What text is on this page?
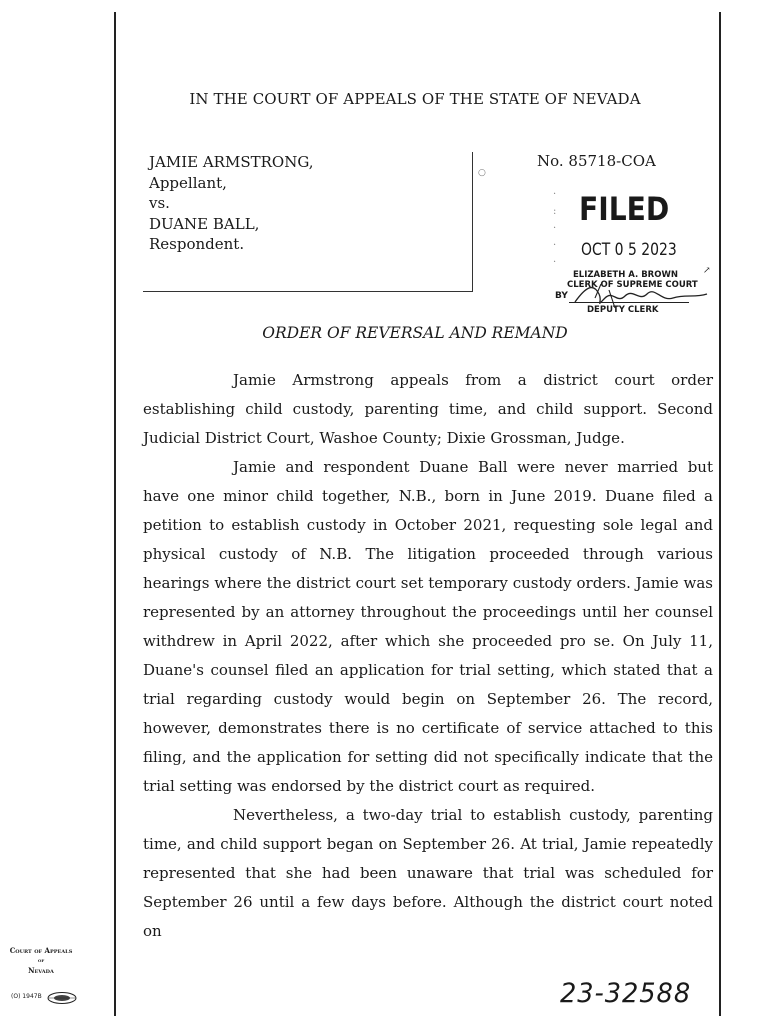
IN THE COURT OF APPEALS OF THE STATE OF NEVADA
JAMIE ARMSTRONG,
Appellant,
vs.
DUANE BALL,
Respondent.
○
No. 85718-COA
·
:
·
·
·
FILED
OCT 0 5 2023
ELIZABETH A. BROWN
CLERK OF SUPREME COURT
BY
DEPUTY CLERK
↗
ORDER OF REVERSAL AND REMAND

Jamie Armstrong appeals from a district court order establishing child custody, parenting time, and child support. Second Judicial District Court, Washoe County; Dixie Grossman, Judge.

Jamie and respondent Duane Ball were never married but have one minor child together, N.B., born in June 2019. Duane filed a petition to establish custody in October 2021, requesting sole legal and physical custody of N.B. The litigation proceeded through various hearings where the district court set temporary custody orders. Jamie was represented by an attorney throughout the proceedings until her counsel withdrew in April 2022, after which she proceeded pro se. On July 11, Duane's counsel filed an application for trial setting, which stated that a trial regarding custody would begin on September 26. The record, however, demonstrates there is no certificate of service attached to this filing, and the application for setting did not specifically indicate that the trial setting was endorsed by the district court as required.

Nevertheless, a two-day trial to establish custody, parenting time, and child support began on September 26. At trial, Jamie repeatedly represented that she had been unaware that trial was scheduled for September 26 until a few days before. Although the district court noted on

Court of Appeals
of
Nevada
(O) 1947B	23-32588
